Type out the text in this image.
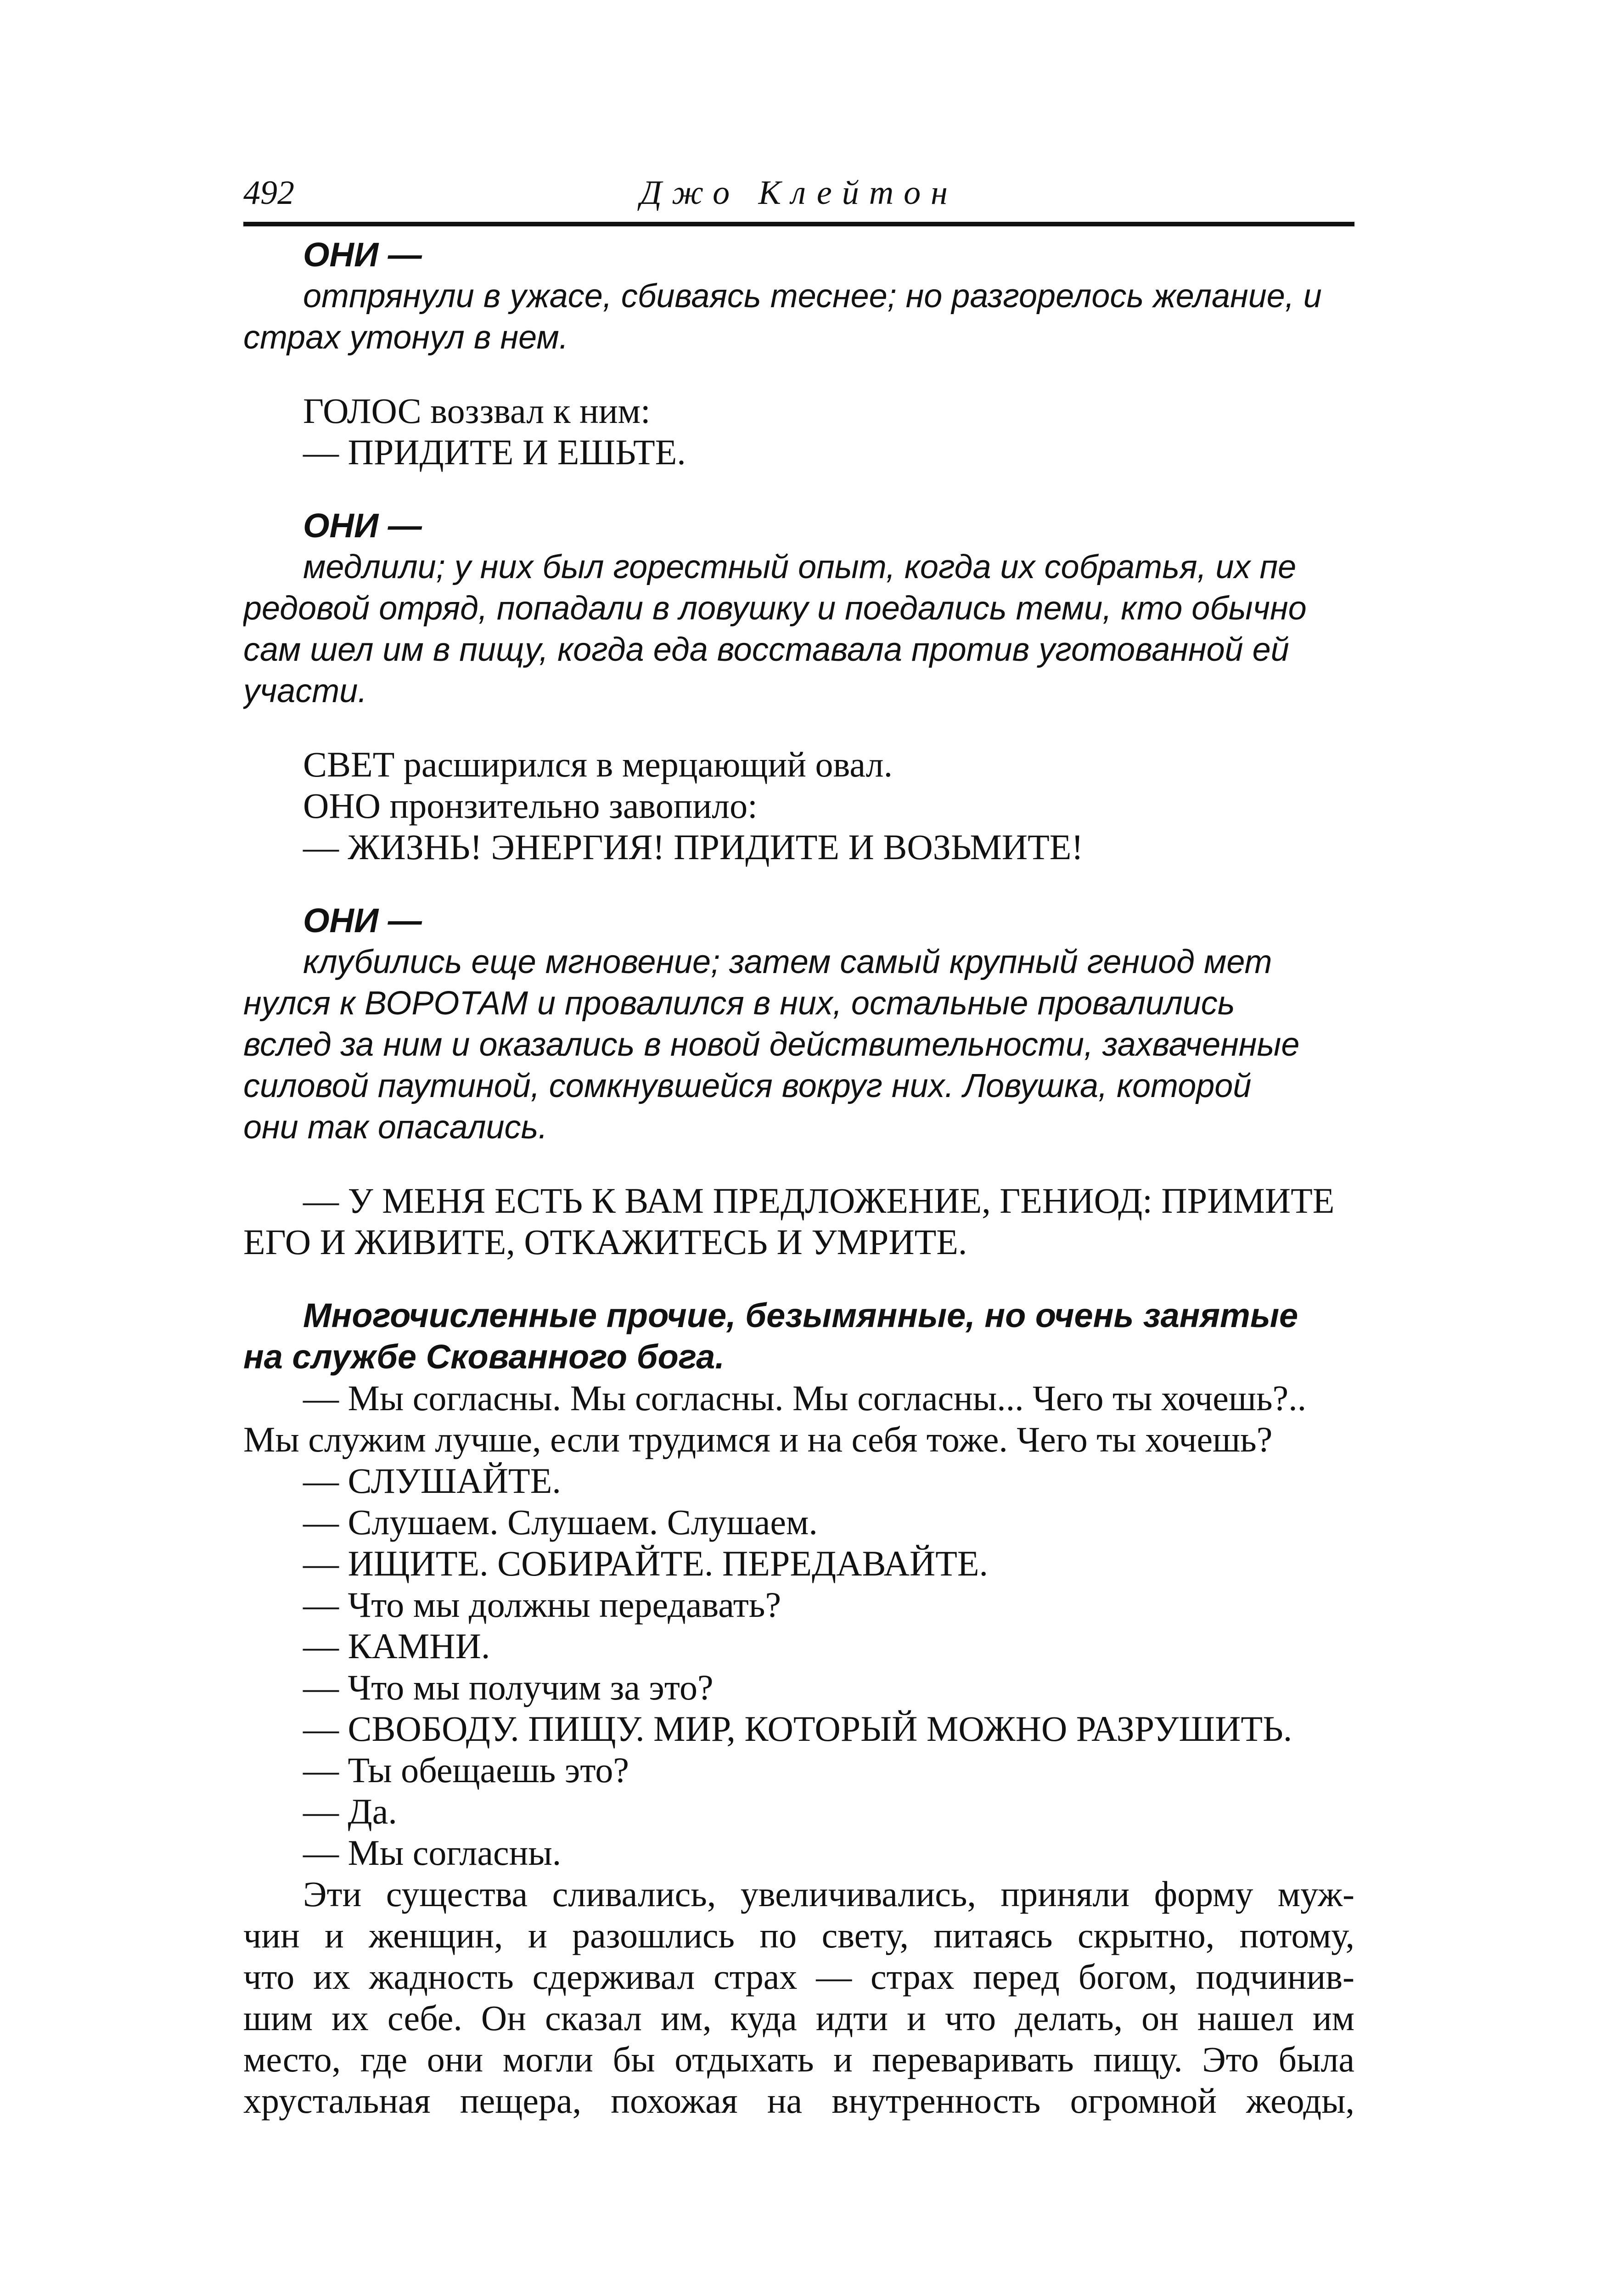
492	Джо Клейтон
ОНИ —
отпрянули в ужасе, сбиваясь теснее; но разгорелось желание, и
страх утонул в нем.
ГОЛОС воззвал к ним:
— ПРИДИТЕ И ЕШЬТЕ.
ОНИ —
медлили; у них был горестный опыт, когда их собратья, их пе
редовой отряд, попадали в ловушку и поедались теми, кто обычно
сам шел им в пищу, когда еда восставала против уготованной ей
участи.
СВЕТ расширился в мерцающий овал.
ОНО пронзительно завопило:
— ЖИЗНЬ! ЭНЕРГИЯ! ПРИДИТЕ И ВОЗЬМИТЕ!
ОНИ —
клубились еще мгновение; затем самый крупный гениод мет
нулся к ВОРОТАМ и провалился в них, остальные провалились
вслед за ним и оказались в новой действительности, захваченные
силовой паутиной, сомкнувшейся вокруг них. Ловушка, которой
они так опасались.
— У МЕНЯ ЕСТЬ К ВАМ ПРЕДЛОЖЕНИЕ, ГЕНИОД: ПРИМИТЕ
ЕГО И ЖИВИТЕ, ОТКАЖИТЕСЬ И УМРИТЕ.
Многочисленные прочие, безымянные, но очень занятые
на службе Скованного бога.
— Мы согласны. Мы согласны. Мы согласны... Чего ты хочешь?..
Мы служим лучше, если трудимся и на себя тоже. Чего ты хочешь?
— СЛУШАЙТЕ.
— Слушаем. Слушаем. Слушаем.
— ИЩИТЕ. СОБИРАЙТЕ. ПЕРЕДАВАЙТЕ.
— Что мы должны передавать?
— КАМНИ.
— Что мы получим за это?
— СВОБОДУ. ПИЩУ. МИР, КОТОРЫЙ МОЖНО РАЗРУШИТЬ.
— Ты обещаешь это?
— Да.
— Мы согласны.
Эти существа сливались, увеличивались, приняли форму муж-
чин и женщин, и разошлись по свету, питаясь скрытно, потому,
что их жадность сдерживал страх — страх перед богом, подчинив-
шим их себе. Он сказал им, куда идти и что делать, он нашел им
место, где они могли бы отдыхать и переваривать пищу. Это была
хрустальная пещера, похожая на внутренность огромной жеоды,
